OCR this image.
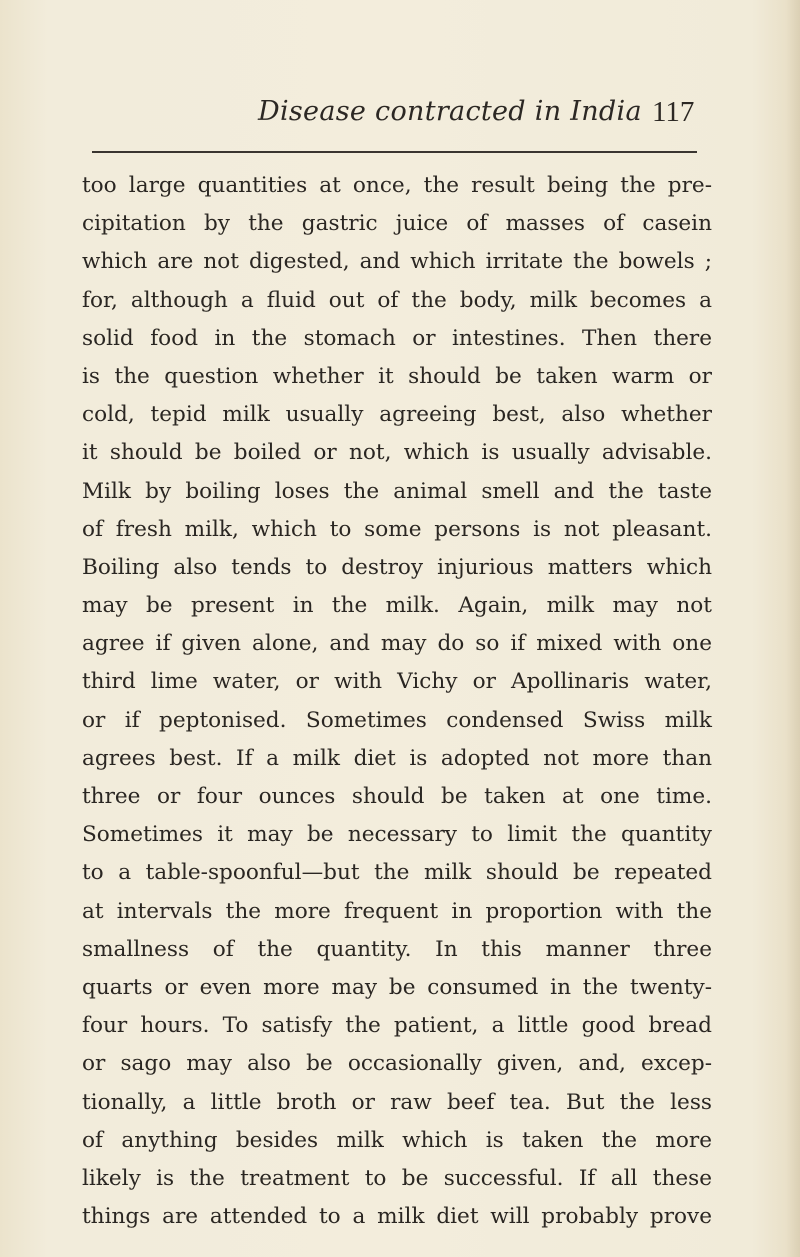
Disease contracted in India 117
too large quantities at once, the result being the pre-
cipitation by the gastric juice of masses of casein
which are not digested, and which irritate the bowels ;
for, although a fluid out of the body, milk becomes a
solid food in the stomach or intestines. Then there
is the question whether it should be taken warm or
cold, tepid milk usually agreeing best, also whether
it should be boiled or not, which is usually advisable.
Milk by boiling loses the animal smell and the taste
of fresh milk, which to some persons is not pleasant.
Boiling also tends to destroy injurious matters which
may be present in the milk. Again, milk may not
agree if given alone, and may do so if mixed with one
third lime water, or with Vichy or Apollinaris water,
or if peptonised. Sometimes condensed Swiss milk
agrees best. If a milk diet is adopted not more than
three or four ounces should be taken at one time.
Sometimes it may be necessary to limit the quantity
to a table-spoonful—but the milk should be repeated
at intervals the more frequent in proportion with the
smallness of the quantity. In this manner three
quarts or even more may be consumed in the twenty-
four hours. To satisfy the patient, a little good bread
or sago may also be occasionally given, and, excep-
tionally, a little broth or raw beef tea. But the less
of anything besides milk which is taken the more
likely is the treatment to be successful. If all these
things are attended to a milk diet will probably prove
